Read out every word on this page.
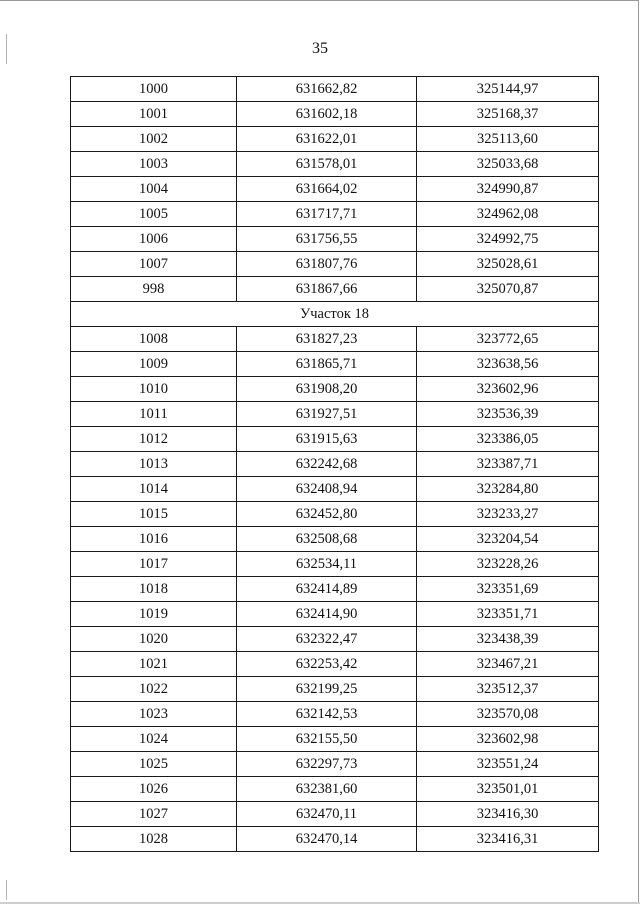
35
1000	631662,82	325144,97
1001	631602,18	325168,37
1002	631622,01	325113,60
1003	631578,01	325033,68
1004	631664,02	324990,87
1005	631717,71	324962,08
1006	631756,55	324992,75
1007	631807,76	325028,61
998	631867,66	325070,87
Участок 18		
1008	631827,23	323772,65
1009	631865,71	323638,56
1010	631908,20	323602,96
1011	631927,51	323536,39
1012	631915,63	323386,05
1013	632242,68	323387,71
1014	632408,94	323284,80
1015	632452,80	323233,27
1016	632508,68	323204,54
1017	632534,11	323228,26
1018	632414,89	323351,69
1019	632414,90	323351,71
1020	632322,47	323438,39
1021	632253,42	323467,21
1022	632199,25	323512,37
1023	632142,53	323570,08
1024	632155,50	323602,98
1025	632297,73	323551,24
1026	632381,60	323501,01
1027	632470,11	323416,30
1028	632470,14	323416,31
